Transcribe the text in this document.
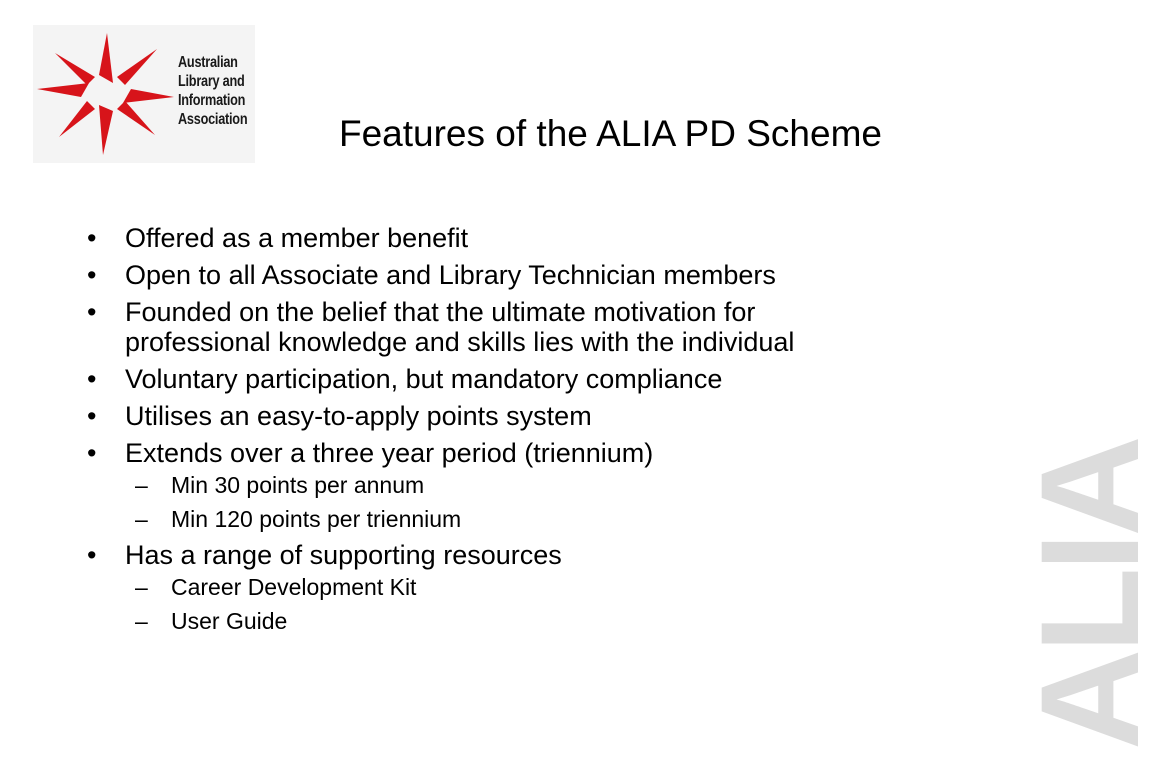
Australian
Library and
Information
Association Features of the ALIA PD Scheme
• Offered as a member benefit
• Open to all Associate and Library Technician members
• Founded on the belief that the ultimate motivation for professional knowledge and skills lies with the individual
• Voluntary participation, but mandatory compliance
• Utilises an easy-to-apply points system
• Extends over a three year period (triennium)
– Min 30 points per annum
– Min 120 points per triennium
• Has a range of supporting resources
– Career Development Kit
– User Guide	ALIA
